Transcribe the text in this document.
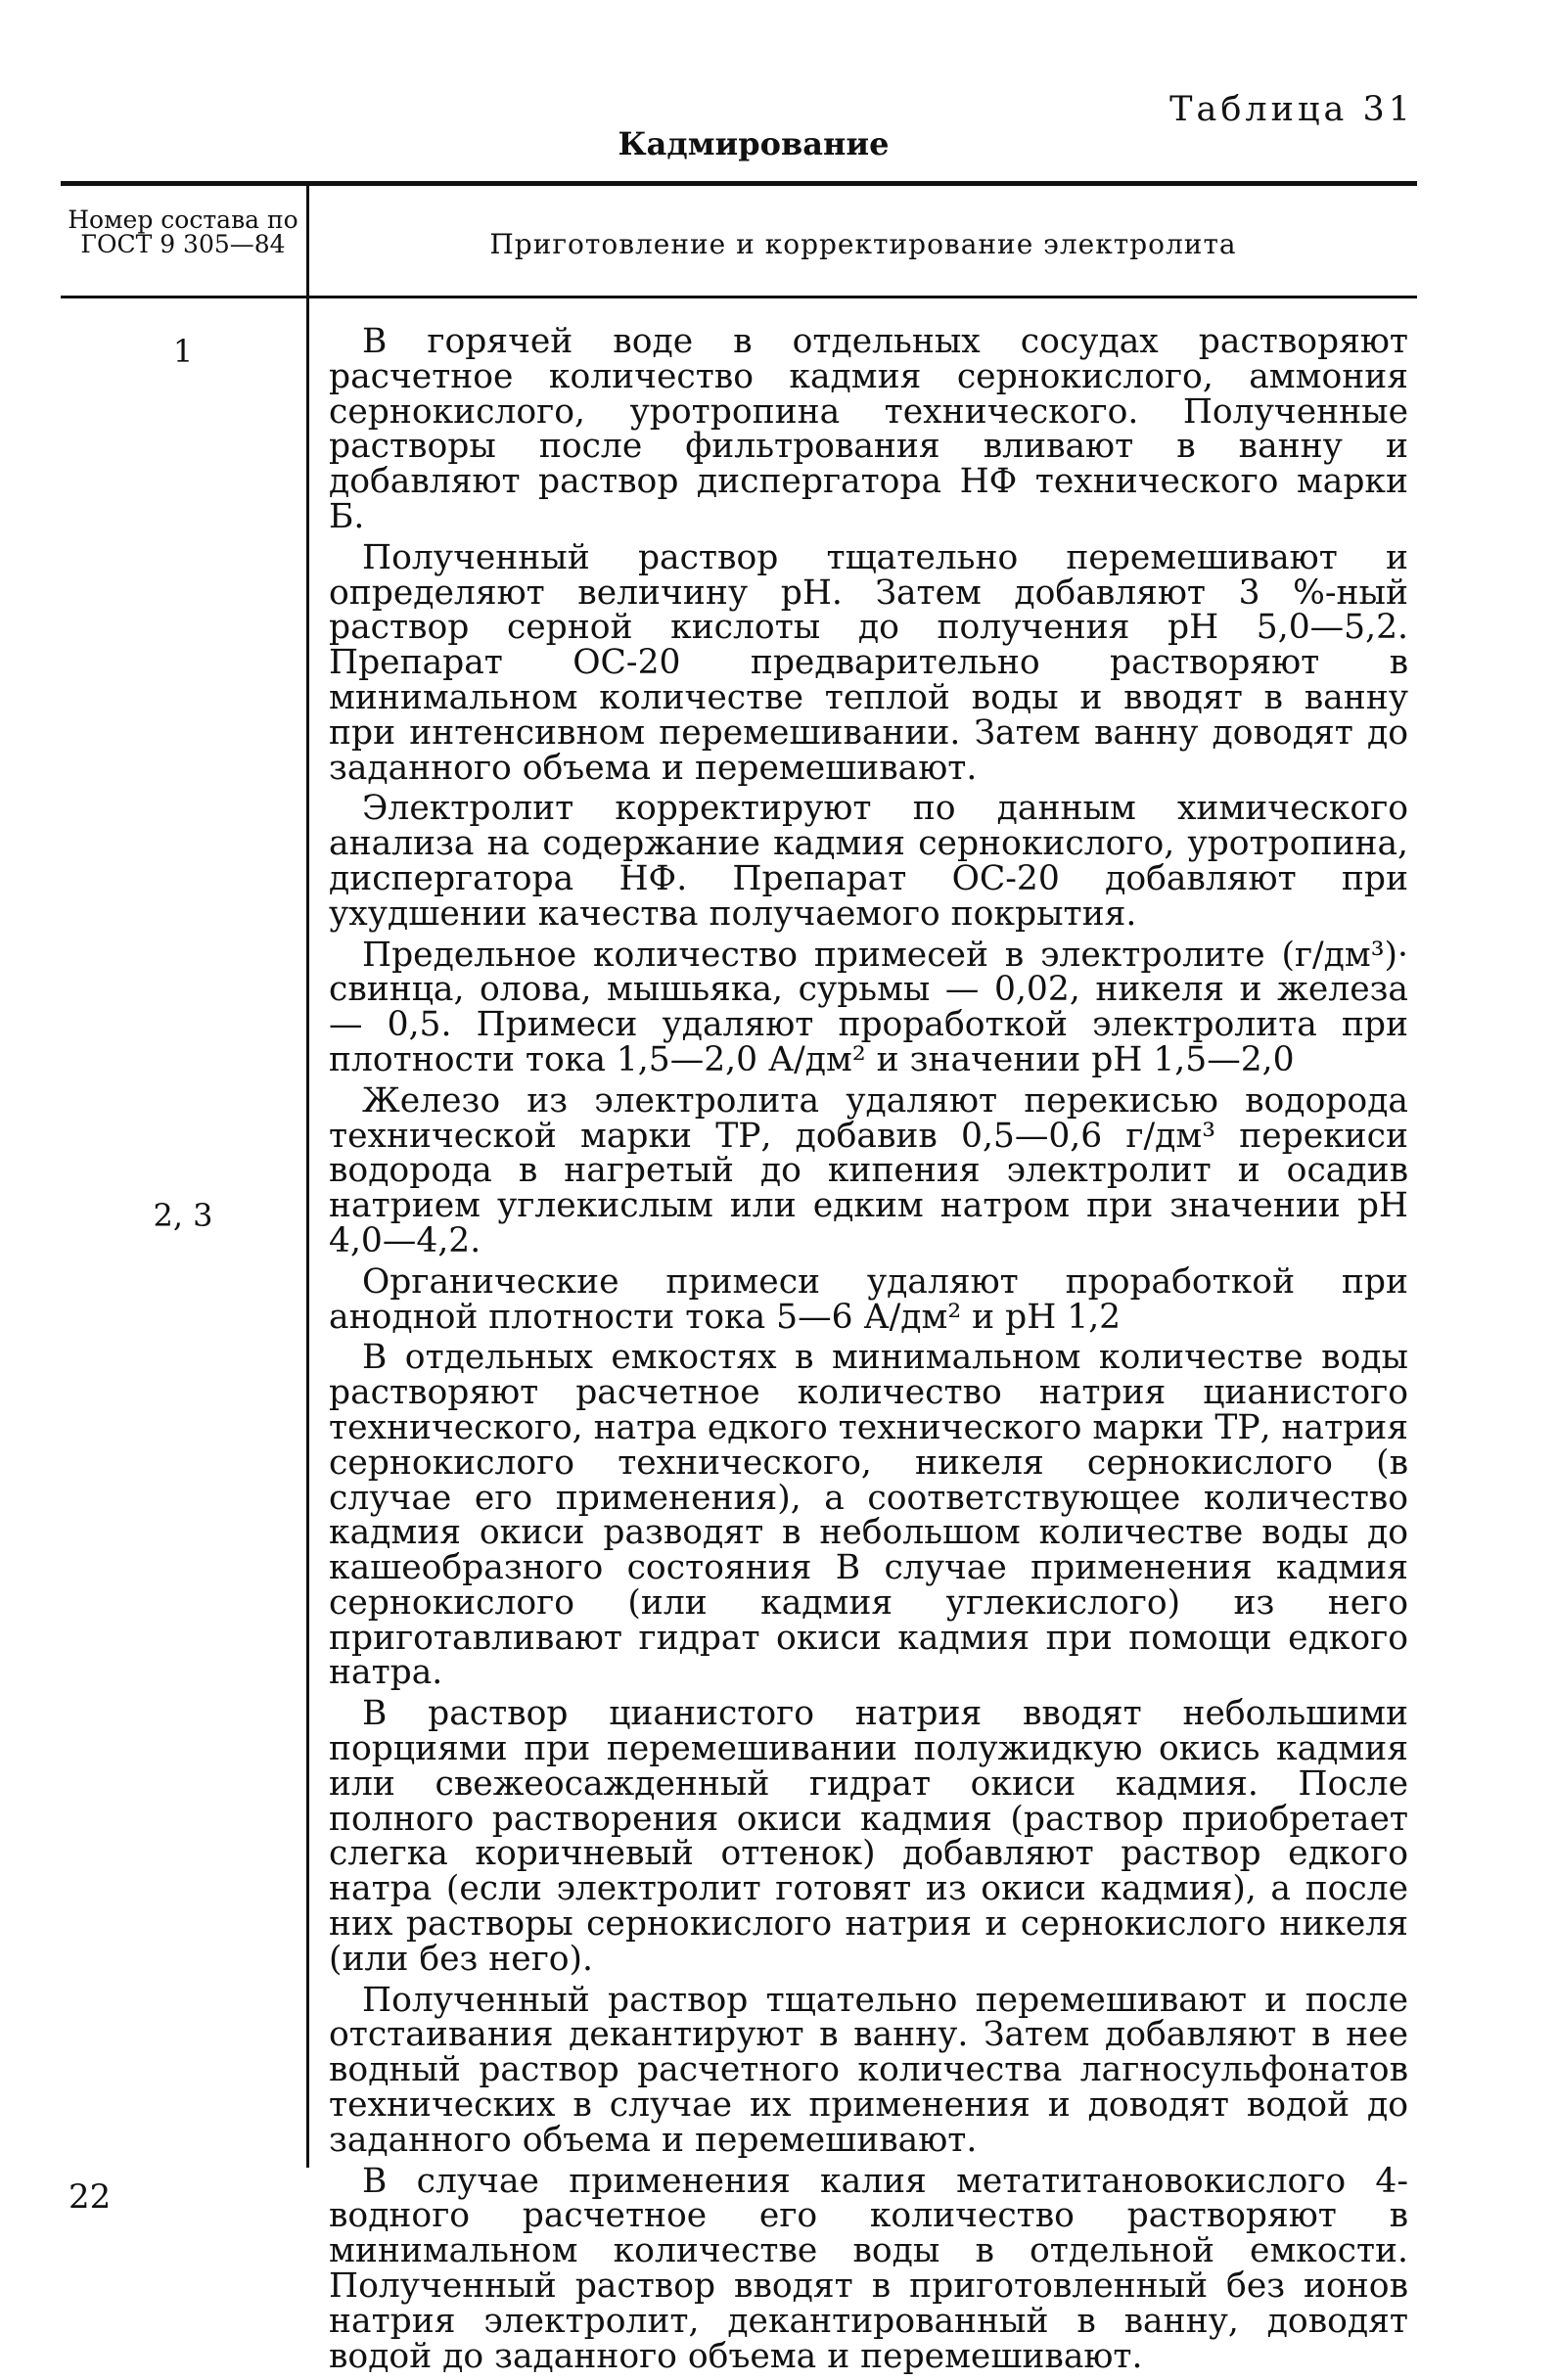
Таблица 31
Кадмирование
Номер состава по ГОСТ 9 305—84	Приготовление и корректирование электролита
1
2, 3

В горячей воде в отдельных сосудах растворяют расчетное количество кадмия сернокислого, аммония сернокислого, уротропина технического. Полученные растворы после фильтрования вливают в ванну и добавляют раствор диспергатора НФ технического марки Б.

Полученный раствор тщательно перемешивают и определяют величину pH. Затем добавляют 3 %-ный раствор серной кислоты до получения pH 5,0—5,2. Препарат ОС-20 предварительно растворяют в минимальном количестве теплой воды и вводят в ванну при интенсивном перемешивании. Затем ванну доводят до заданного объема и перемешивают.

Электролит корректируют по данным химического анализа на содержание кадмия сернокислого, уротропина, диспергатора НФ. Препарат ОС-20 добавляют при ухудшении качества получаемого покрытия.

Предельное количество примесей в электролите (г/дм³)· свинца, олова, мышьяка, сурьмы — 0,02, никеля и железа — 0,5. Примеси удаляют проработкой электролита при плотности тока 1,5—2,0 А/дм² и значении pH 1,5—2,0

Железо из электролита удаляют перекисью водорода технической марки ТР, добавив 0,5—0,6 г/дм³ перекиси водорода в нагретый до кипения электролит и осадив натрием углекислым или едким натром при значении pH 4,0—4,2.

Органические примеси удаляют проработкой при анодной плотности тока 5—6 А/дм² и pH 1,2

В отдельных емкостях в минимальном количестве воды растворяют расчетное количество натрия цианистого технического, натра едкого технического марки ТР, натрия сернокислого технического, никеля сернокислого (в случае его применения), а соответствующее количество кадмия окиси разводят в небольшом количестве воды до кашеобразного состояния В случае применения кадмия сернокислого (или кадмия углекислого) из него приготавливают гидрат окиси кадмия при помощи едкого натра.

В раствор цианистого натрия вводят небольшими порциями при перемешивании полужидкую окись кадмия или свежеосажденный гидрат окиси кадмия. После полного растворения окиси кадмия (раствор приобретает слегка коричневый оттенок) добавляют раствор едкого натра (если электролит готовят из окиси кадмия), а после них растворы сернокислого натрия и сернокислого никеля (или без него).

Полученный раствор тщательно перемешивают и после отстаивания декантируют в ванну. Затем добавляют в нее водный раствор расчетного количества лагносульфонатов технических в случае их применения и доводят водой до заданного объема и перемешивают.

В случае применения калия метатитановокислого 4-водного расчетное его количество растворяют в минимальном количестве воды в отдельной емкости. Полученный раствор вводят в приготовленный без ионов натрия электролит, декантированный в ванну, доводят водой до заданного объема и перемешивают.

22
